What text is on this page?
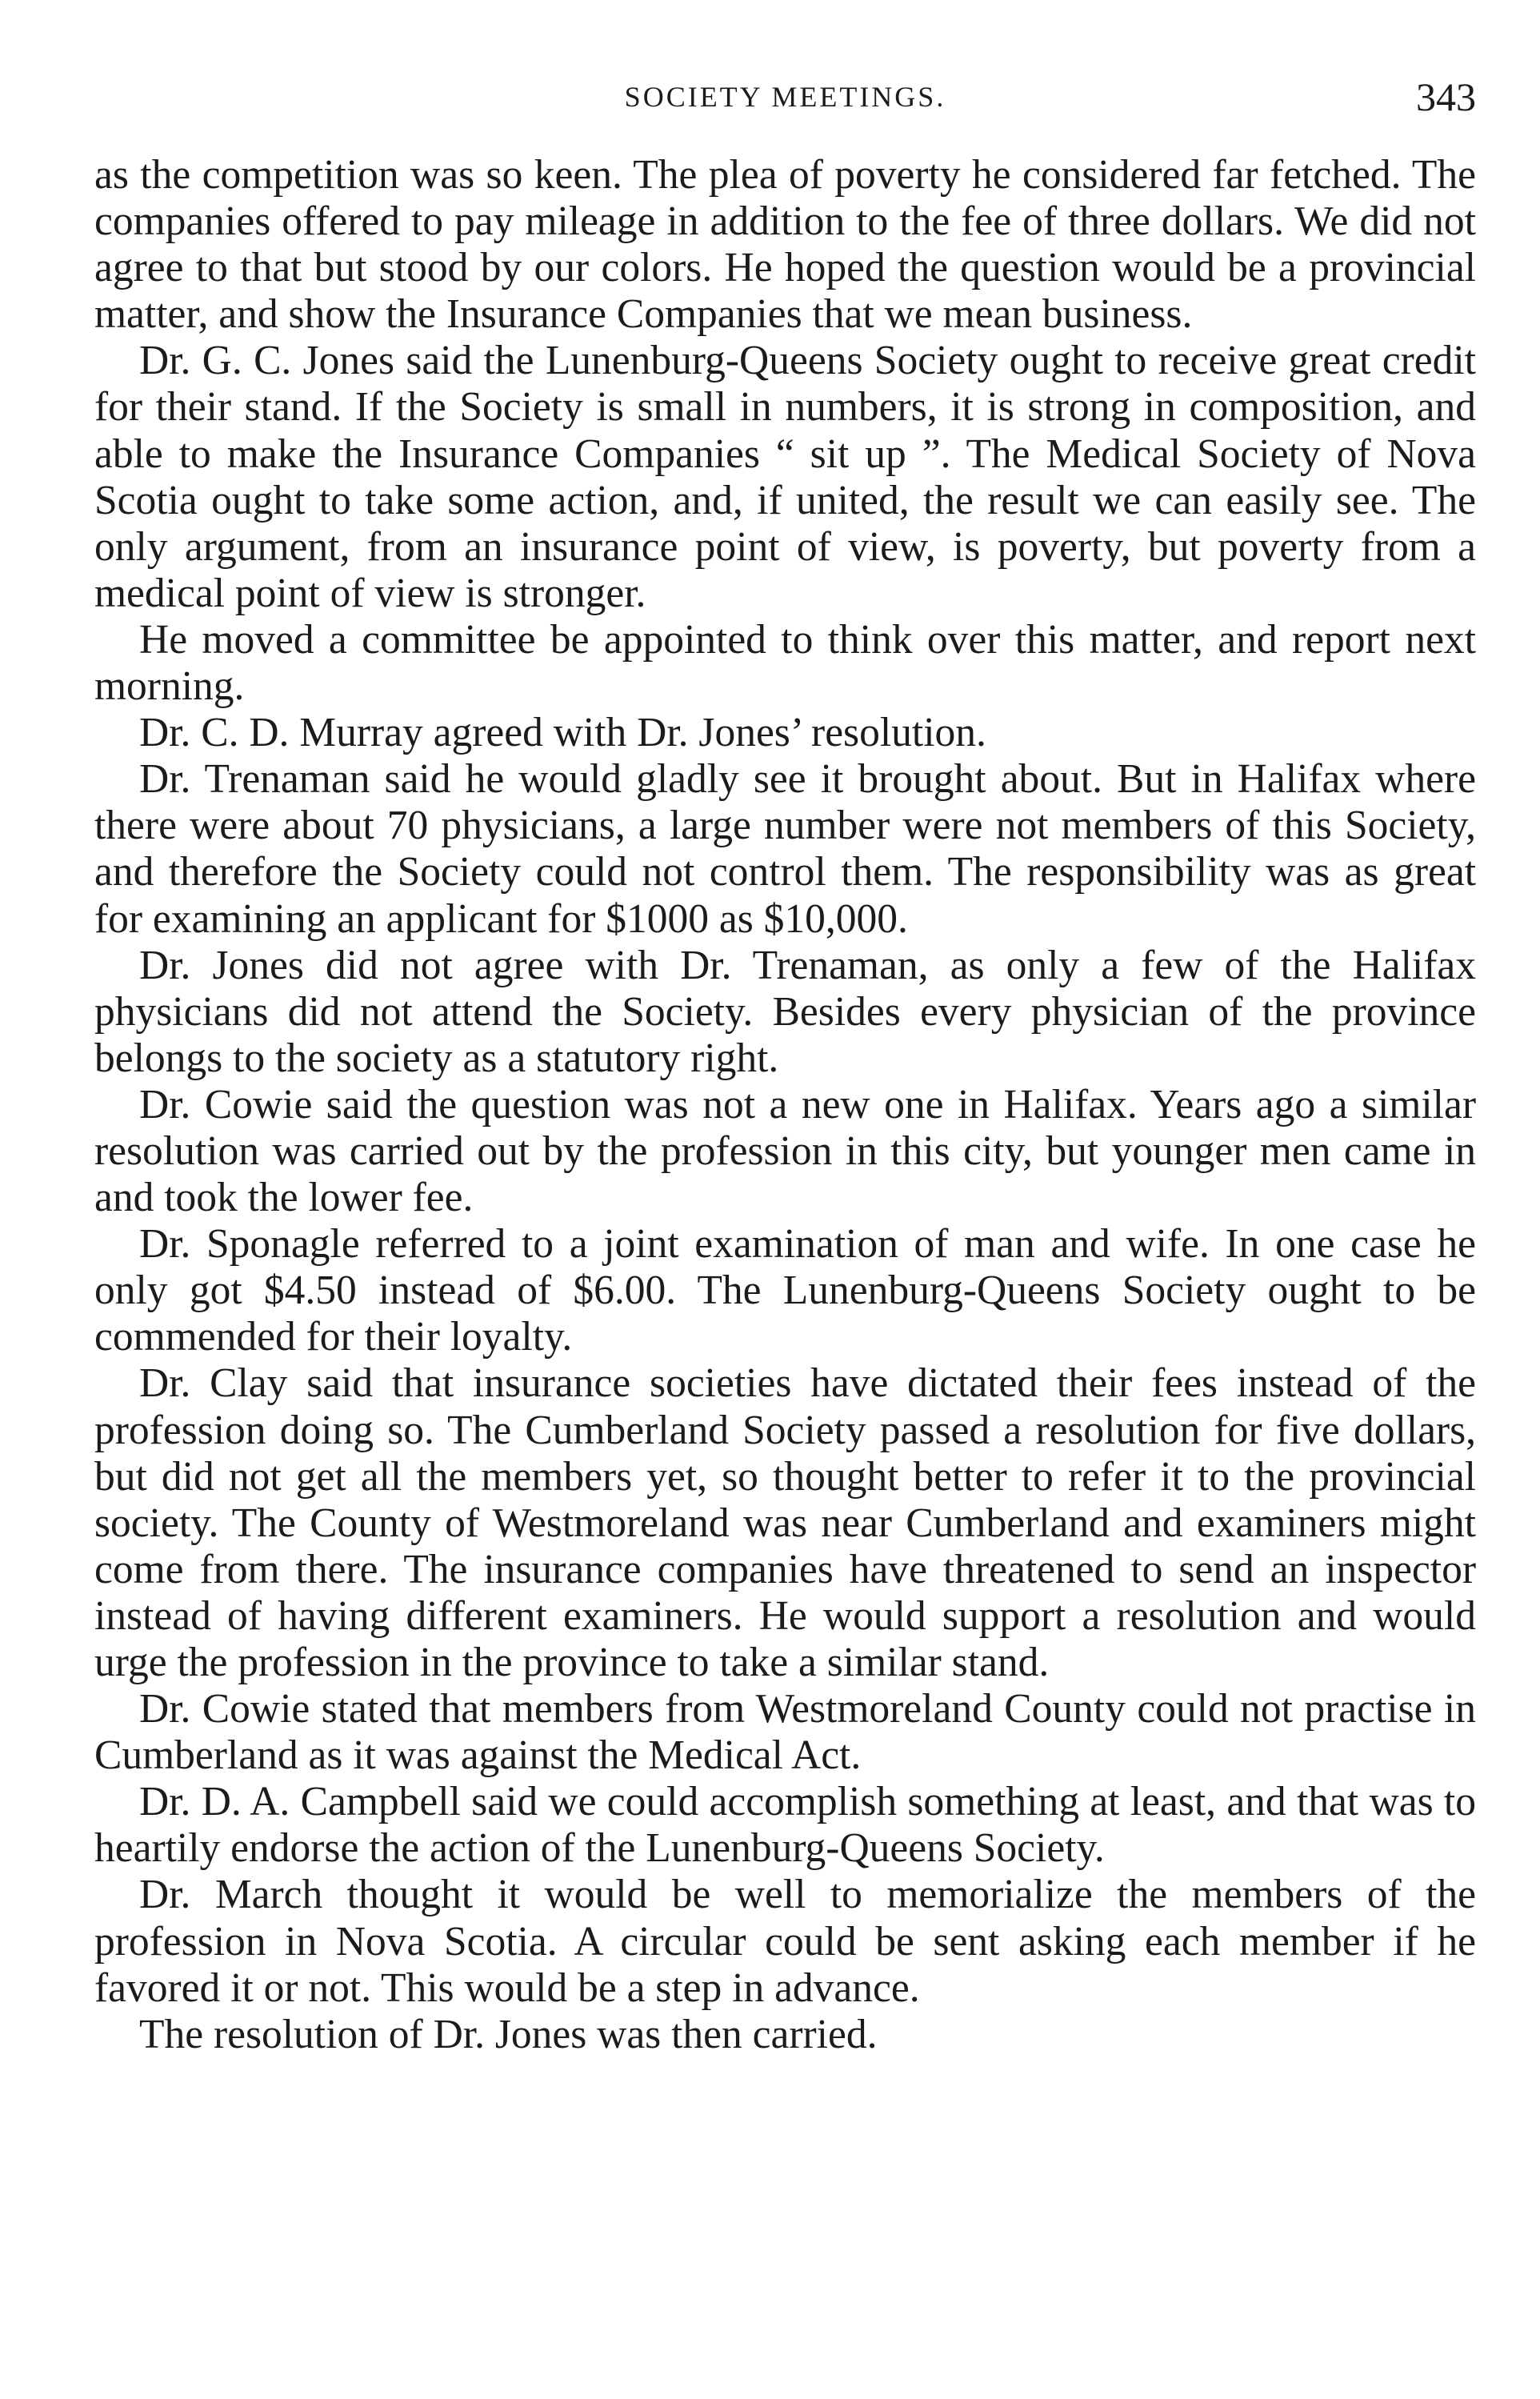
SOCIETY MEETINGS.	343

as the competition was so keen. The plea of poverty he considered far fetched. The companies offered to pay mileage in addition to the fee of three dollars. We did not agree to that but stood by our colors. He hoped the question would be a provincial matter, and show the Insurance Companies that we mean business.

Dr. G. C. Jones said the Lunenburg-Queens Society ought to receive great credit for their stand. If the Society is small in numbers, it is strong in composition, and able to make the Insurance Companies “ sit up ”. The Medical Society of Nova Scotia ought to take some action, and, if united, the result we can easily see. The only argument, from an insurance point of view, is poverty, but poverty from a medical point of view is stronger.

He moved a committee be appointed to think over this matter, and report next morning.

Dr. C. D. Murray agreed with Dr. Jones’ resolution.

Dr. Trenaman said he would gladly see it brought about. But in Halifax where there were about 70 physicians, a large number were not members of this Society, and therefore the Society could not control them. The responsibility was as great for examining an applicant for $1000 as $10,000.

Dr. Jones did not agree with Dr. Trenaman, as only a few of the Halifax physicians did not attend the Society. Besides every physician of the province belongs to the society as a statutory right.

Dr. Cowie said the question was not a new one in Halifax. Years ago a similar resolution was carried out by the profession in this city, but younger men came in and took the lower fee.

Dr. Sponagle referred to a joint examination of man and wife. In one case he only got $4.50 instead of $6.00. The Lunenburg-Queens Society ought to be commended for their loyalty.

Dr. Clay said that insurance societies have dictated their fees instead of the profession doing so. The Cumberland Society passed a resolution for five dollars, but did not get all the members yet, so thought better to refer it to the provincial society. The County of Westmoreland was near Cumberland and examiners might come from there. The insurance companies have threatened to send an inspector instead of having different examiners. He would support a resolution and would urge the profession in the province to take a similar stand.

Dr. Cowie stated that members from Westmoreland County could not practise in Cumberland as it was against the Medical Act.

Dr. D. A. Campbell said we could accomplish something at least, and that was to heartily endorse the action of the Lunenburg-Queens Society.

Dr. March thought it would be well to memorialize the members of the profession in Nova Scotia. A circular could be sent asking each member if he favored it or not. This would be a step in advance.

The resolution of Dr. Jones was then carried.
